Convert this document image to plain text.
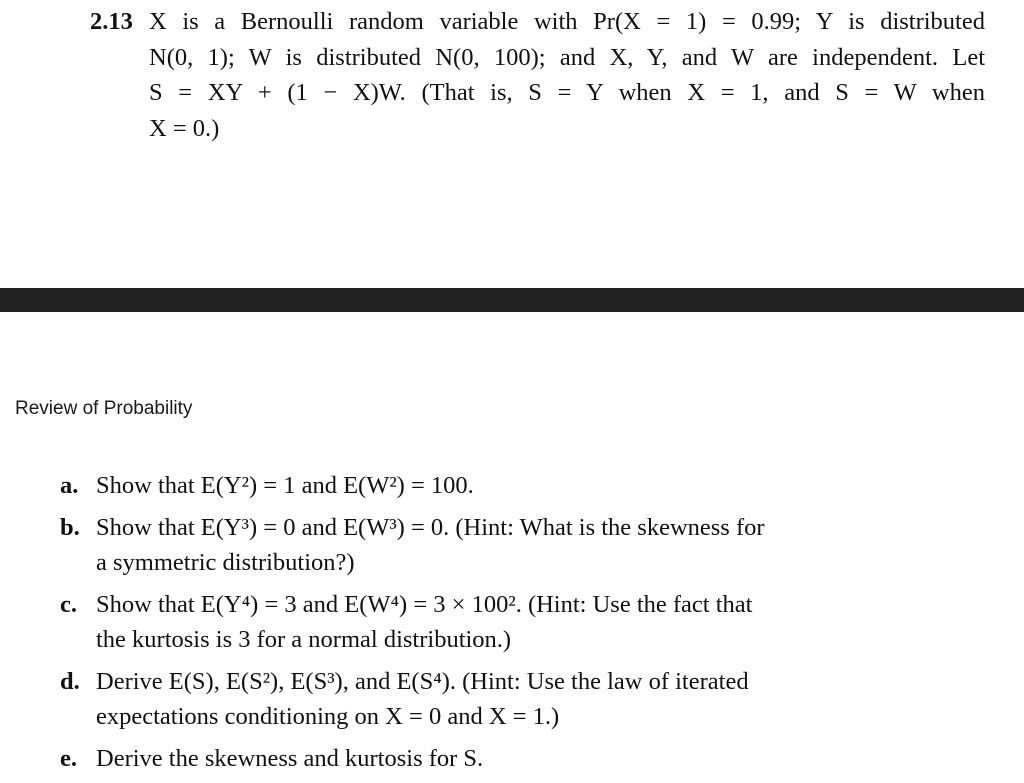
2.13 X is a Bernoulli random variable with Pr(X = 1) = 0.99; Y is distributed
N(0, 1); W is distributed N(0, 100); and X, Y, and W are independent. Let
S = XY + (1 − X)W. (That is, S = Y when X = 1, and S = W when
X = 0.)
Review of Probability
a. Show that E(Y²) = 1 and E(W²) = 100.
b. Show that E(Y³) = 0 and E(W³) = 0. (Hint: What is the skewness for
a symmetric distribution?)
c. Show that E(Y⁴) = 3 and E(W⁴) = 3 × 100². (Hint: Use the fact that
the kurtosis is 3 for a normal distribution.)
d. Derive E(S), E(S²), E(S³), and E(S⁴). (Hint: Use the law of iterated
expectations conditioning on X = 0 and X = 1.)
e. Derive the skewness and kurtosis for S.
